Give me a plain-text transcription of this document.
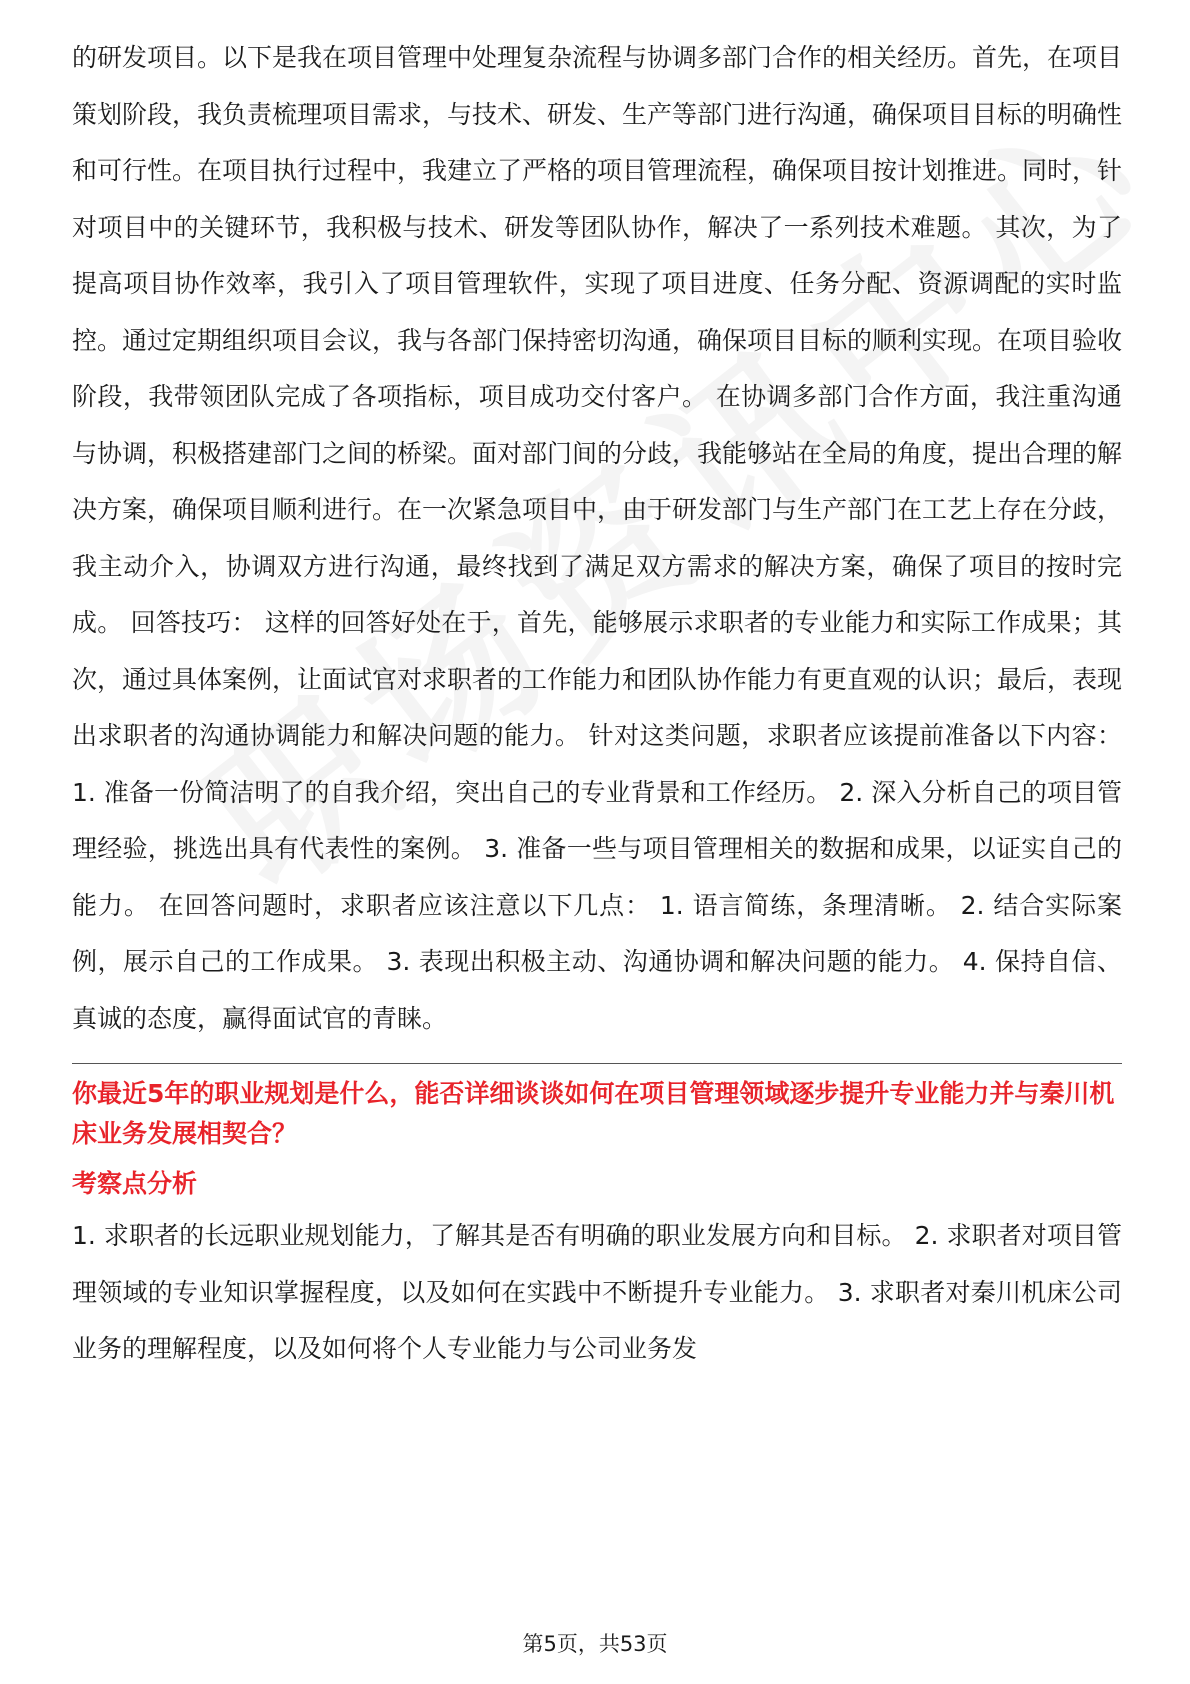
的研发项目。以下是我在项目管理中处理复杂流程与协调多部门合作的相关经历。首先，在项目策划阶段，我负责梳理项目需求，与技术、研发、生产等部门进行沟通，确保项目目标的明确性和可行性。在项目执行过程中，我建立了严格的项目管理流程，确保项目按计划推进。同时，针对项目中的关键环节，我积极与技术、研发等团队协作，解决了一系列技术难题。 其次，为了提高项目协作效率，我引入了项目管理软件，实现了项目进度、任务分配、资源调配的实时监控。通过定期组织项目会议，我与各部门保持密切沟通，确保项目目标的顺利实现。在项目验收阶段，我带领团队完成了各项指标，项目成功交付客户。 在协调多部门合作方面，我注重沟通与协调，积极搭建部门之间的桥梁。面对部门间的分歧，我能够站在全局的角度，提出合理的解决方案，确保项目顺利进行。在一次紧急项目中，由于研发部门与生产部门在工艺上存在分歧，我主动介入，协调双方进行沟通，最终找到了满足双方需求的解决方案，确保了项目的按时完成。 回答技巧： 这样的回答好处在于，首先，能够展示求职者的专业能力和实际工作成果；其次，通过具体案例，让面试官对求职者的工作能力和团队协作能力有更直观的认识；最后，表现出求职者的沟通协调能力和解决问题的能力。 针对这类问题，求职者应该提前准备以下内容： 1. 准备一份简洁明了的自我介绍，突出自己的专业背景和工作经历。 2. 深入分析自己的项目管理经验，挑选出具有代表性的案例。 3. 准备一些与项目管理相关的数据和成果，以证实自己的能力。 在回答问题时，求职者应该注意以下几点： 1. 语言简练，条理清晰。 2. 结合实际案例，展示自己的工作成果。 3. 表现出积极主动、沟通协调和解决问题的能力。 4. 保持自信、真诚的态度，赢得面试官的青睐。

你最近5年的职业规划是什么，能否详细谈谈如何在项目管理领域逐步提升专业能力并与秦川机床业务发展相契合？
考察点分析

1. 求职者的长远职业规划能力，了解其是否有明确的职业发展方向和目标。 2. 求职者对项目管理领域的专业知识掌握程度，以及如何在实践中不断提升专业能力。 3. 求职者对秦川机床公司业务的理解程度，以及如何将个人专业能力与公司业务发

第5页，共53页
